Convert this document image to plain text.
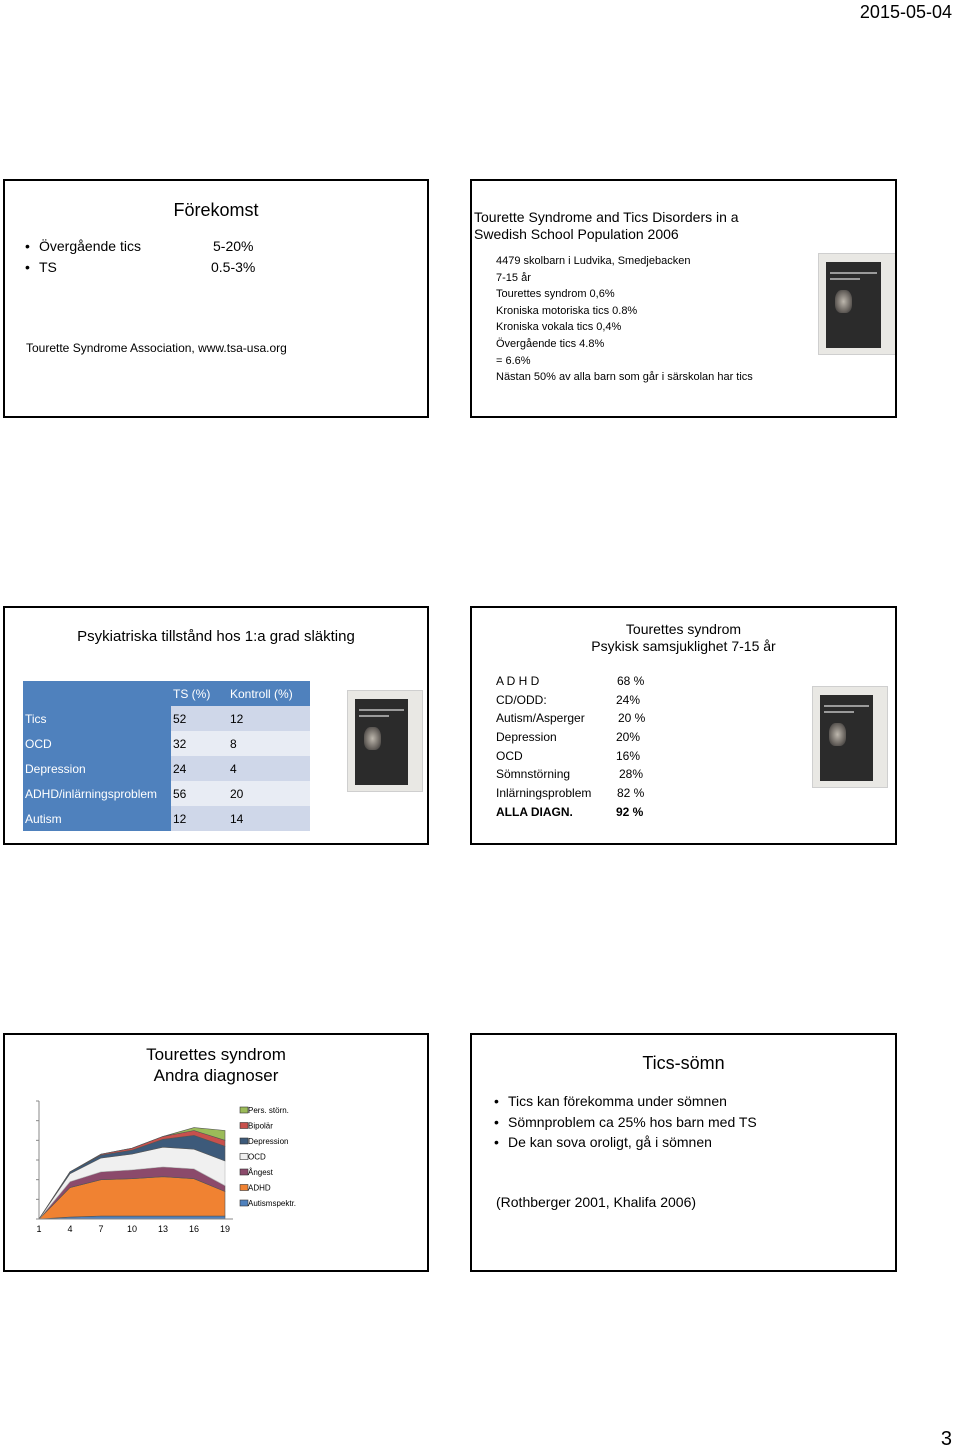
2015-05-04
Förekomst
Övergående tics	5-20%
TS	0.5-3%
Tourette Syndrome Association, www.tsa-usa.org
Tourette Syndrome and Tics Disorders in a
Swedish School Population 2006
4479 skolbarn i Ludvika, Smedjebacken
7-15 år
Tourettes syndrom 0,6%
Kroniska motoriska tics 0.8%
Kroniska vokala tics 0,4%
Övergående tics 4.8%
= 6.6%
Nästan 50% av alla barn som går i särskolan har tics
Psykiatriska tillstånd hos 1:a grad släkting
	TS (%)	Kontroll (%)
Tics	52	12
OCD	32	8
Depression	24	4
ADHD/inlärningsproblem	56	20
Autism	12	14
Tourettes syndrom
Psykisk samsjuklighet 7-15 år
A D H D	68 %
CD/ODD:	24%
Autism/Asperger	20 %
Depression	20%
OCD	16%
Sömnstörning	28%
Inlärningsproblem 82 %
ALLA DIAGN.	92 %
Tourettes syndrom
Andra diagnoser
1	4	7	10 13 16 19
Pers. störn.
Bipolär
Depression
OCD
Ångest
ADHD
Autismspektr.
Tics-sömn
Tics kan förekomma under sömnen
Sömnproblem ca 25% hos barn med TS
De kan sova oroligt, gå i sömnen
(Rothberger 2001, Khalifa 2006)
3
